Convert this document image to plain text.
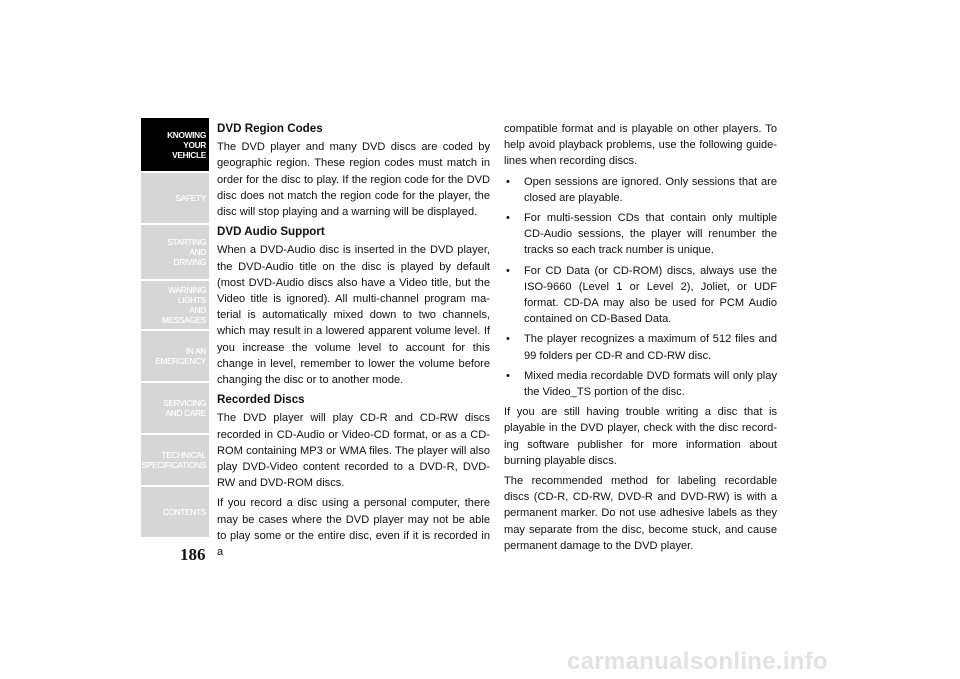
KNOWING
YOUR
VEHICLE
SAFETY
STARTING
AND
DRIVING
WARNING
LIGHTS
AND
MESSAGES
IN AN
EMERGENCY
SERVICING
AND CARE
TECHNICAL
SPECIFICATIONS
CONTENTS
186
DVD Region Codes

The DVD player and many DVD discs are coded by geographic region. These region codes must match in order for the disc to play. If the region code for the DVD disc does not match the region code for the player, the disc will stop playing and a warning will be displayed.

DVD Audio Support

When a DVD-Audio disc is inserted in the DVD player, the DVD-Audio title on the disc is played by default (most DVD-Audio discs also have a Video title, but the Video title is ignored). All multi-channel program ma-terial is automatically mixed down to two channels, which may result in a lowered apparent volume level. If you increase the volume level to account for this change in level, remember to lower the volume before changing the disc or to another mode.

Recorded Discs

The DVD player will play CD-R and CD-RW discs recorded in CD-Audio or Video-CD format, or as a CD-ROM containing MP3 or WMA files. The player will also play DVD-Video content recorded to a DVD-R, DVD-RW and DVD-ROM discs.

If you record a disc using a personal computer, there may be cases where the DVD player may not be able to play some or the entire disc, even if it is recorded in a

compatible format and is playable on other players. To help avoid playback problems, use the following guide-lines when recording discs.

• Open sessions are ignored. Only sessions that are closed are playable.
• For multi-session CDs that contain only multiple CD-Audio sessions, the player will renumber the tracks so each track number is unique.
• For CD Data (or CD-ROM) discs, always use the ISO-9660 (Level 1 or Level 2), Joliet, or UDF format. CD-DA may also be used for PCM Audio contained on CD-Based Data.
• The player recognizes a maximum of 512 files and 99 folders per CD-R and CD-RW disc.
• Mixed media recordable DVD formats will only play the Video_TS portion of the disc.

If you are still having trouble writing a disc that is playable in the DVD player, check with the disc record-ing software publisher for more information about burning playable discs.

The recommended method for labeling recordable discs (CD-R, CD-RW, DVD-R and DVD-RW) is with a permanent marker. Do not use adhesive labels as they may separate from the disc, become stuck, and cause permanent damage to the DVD player.

carmanualsonline.info
